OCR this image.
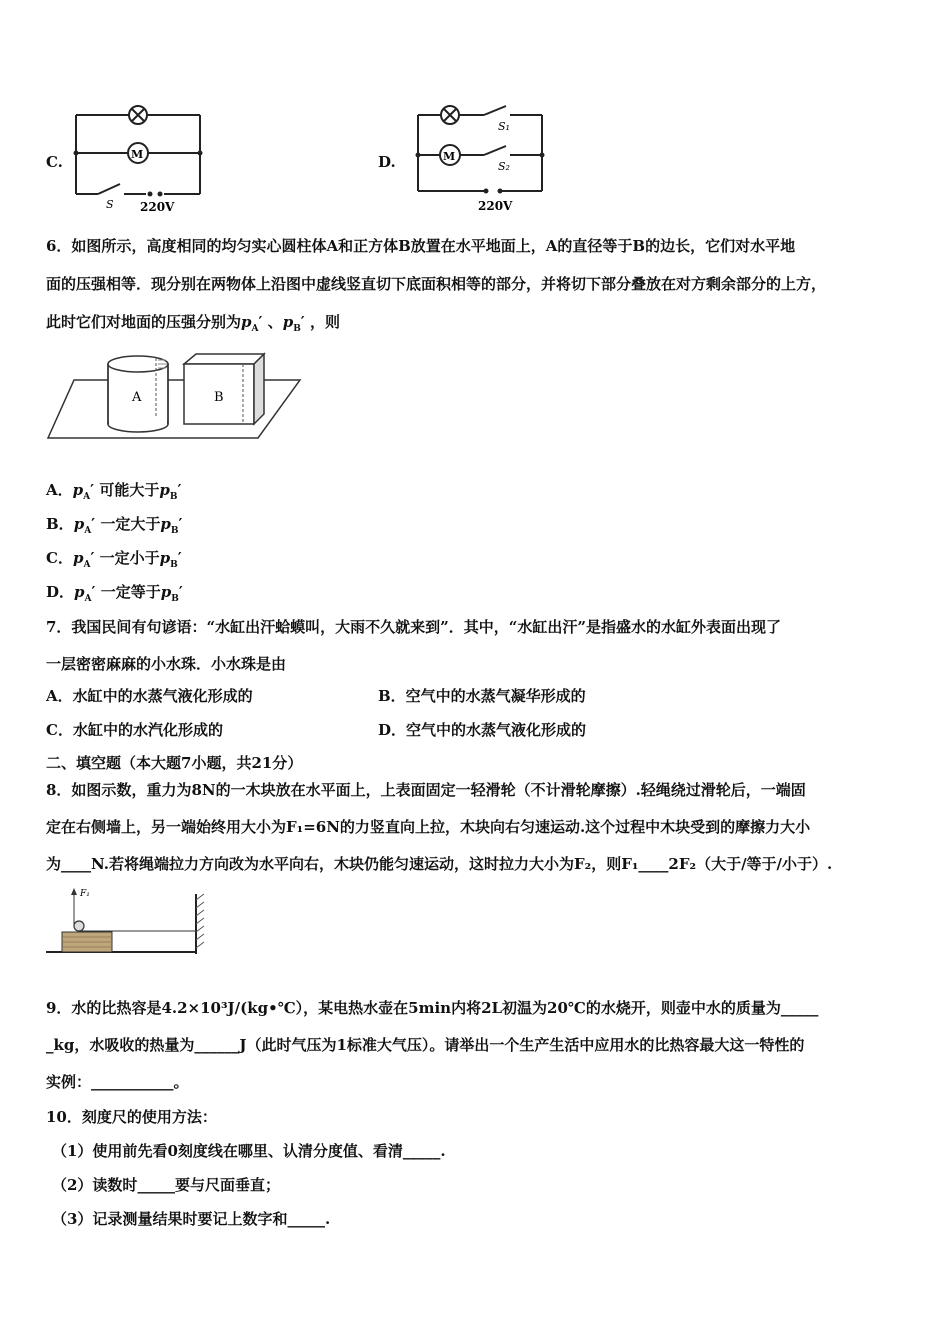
C.	M
S 220V
D.	M
S₁
S₂
220V
6．如图所示，高度相同的均匀实心圆柱体A和正方体B放置在水平地面上，A的直径等于B的边长，它们对水平地
面的压强相等．现分别在两物体上沿图中虚线竖直切下底面积相等的部分，并将切下部分叠放在对方剩余部分的上方，
此时它们对地面的压强分别为$p_A'$ 、$p_B'$ ，则
A	B
A．$p_A'$ 可能大于$p_B'$
B．$p_A'$ 一定大于$p_B'$
C．$p_A'$ 一定小于$p_B'$
D．$p_A'$ 一定等于$p_B'$
7．我国民间有句谚语：“水缸出汗蛤蟆叫，大雨不久就来到”．其中，“水缸出汗”是指盛水的水缸外表面出现了
一层密密麻麻的小水珠．小水珠是由
A．水缸中的水蒸气液化形成的	B．空气中的水蒸气凝华形成的
C．水缸中的水汽化形成的	D．空气中的水蒸气液化形成的
二、填空题（本大题7小题，共21分）
8．如图示数，重力为8N的一木块放在水平面上，上表面固定一轻滑轮（不计滑轮摩擦）.轻绳绕过滑轮后，一端固
定在右侧墙上，另一端始终用大小为F₁=6N的力竖直向上拉，木块向右匀速运动.这个过程中木块受到的摩擦力大小
为____N.若将绳端拉力方向改为水平向右，木块仍能匀速运动，这时拉力大小为F₂，则F₁____2F₂（大于/等于/小于）.
F₁
9．水的比热容是4.2×10³J/(kg•℃），某电热水壶在5min内将2L初温为20℃的水烧开，则壶中水的质量为_____
_kg，水吸收的热量为______J（此时气压为1标准大气压）。请举出一个生产生活中应用水的比热容最大这一特性的
实例：___________。
10．刻度尺的使用方法：
（1）使用前先看0刻度线在哪里、认清分度值、看清_____.
（2）读数时_____要与尺面垂直；
（3）记录测量结果时要记上数字和_____.
